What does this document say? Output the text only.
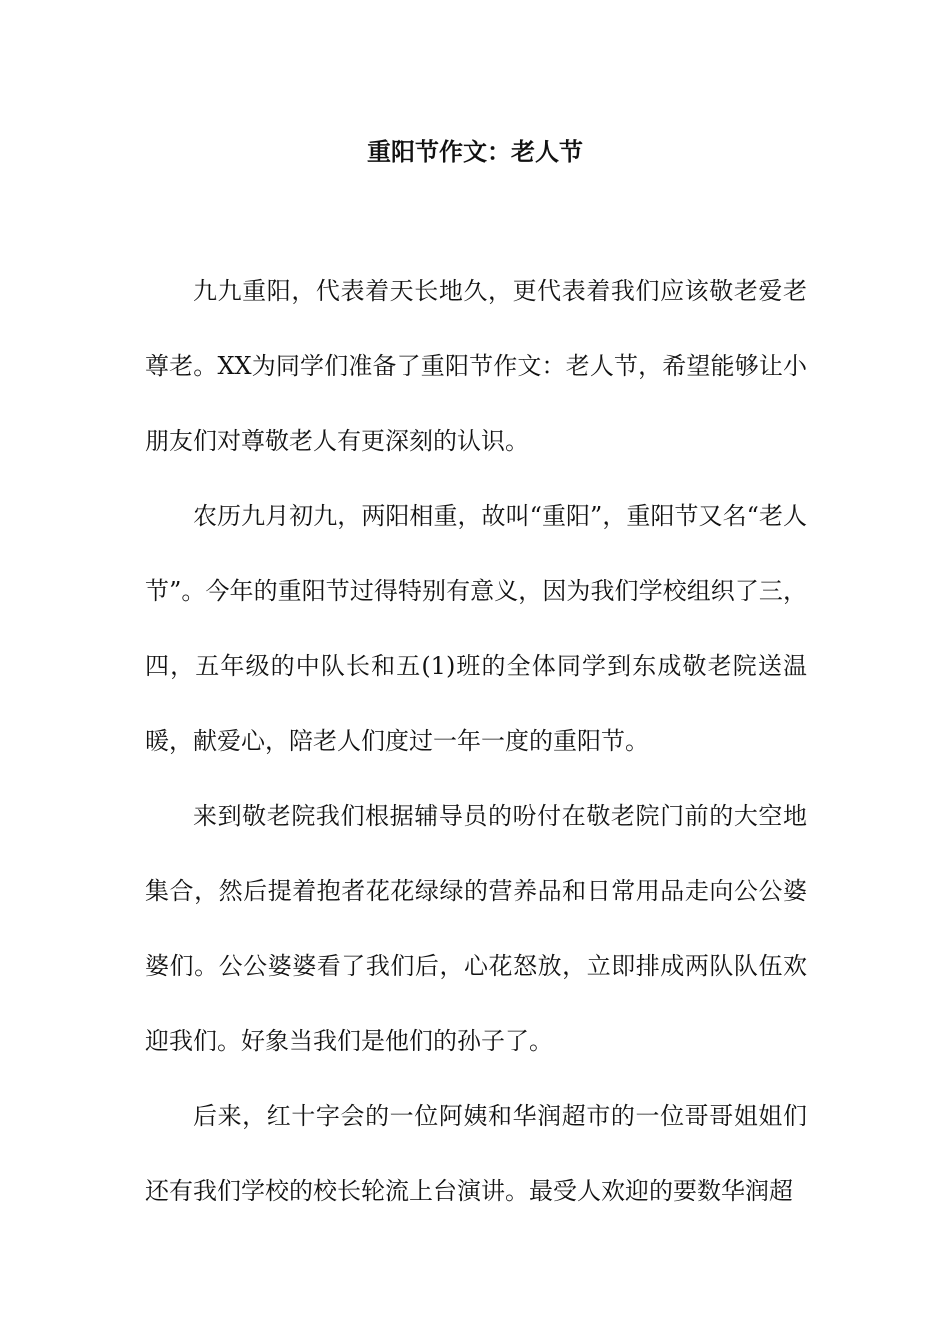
重阳节作文：老人节

九九重阳，代表着天长地久，更代表着我们应该敬老爱老尊老。XX为同学们准备了重阳节作文：老人节，希望能够让小朋友们对尊敬老人有更深刻的认识。

农历九月初九，两阳相重，故叫“重阳”，重阳节又名“老人节”。今年的重阳节过得特别有意义，因为我们学校组织了三，四，五年级的中队长和五(1)班的全体同学到东成敬老院送温暖，献爱心，陪老人们度过一年一度的重阳节。

来到敬老院我们根据辅导员的吩付在敬老院门前的大空地集合，然后提着抱者花花绿绿的营养品和日常用品走向公公婆婆们。公公婆婆看了我们后，心花怒放，立即排成两队队伍欢迎我们。好象当我们是他们的孙子了。

后来，红十字会的一位阿姨和华润超市的一位哥哥姐姐们还有我们学校的校长轮流上台演讲。最受人欢迎的要数华润超
